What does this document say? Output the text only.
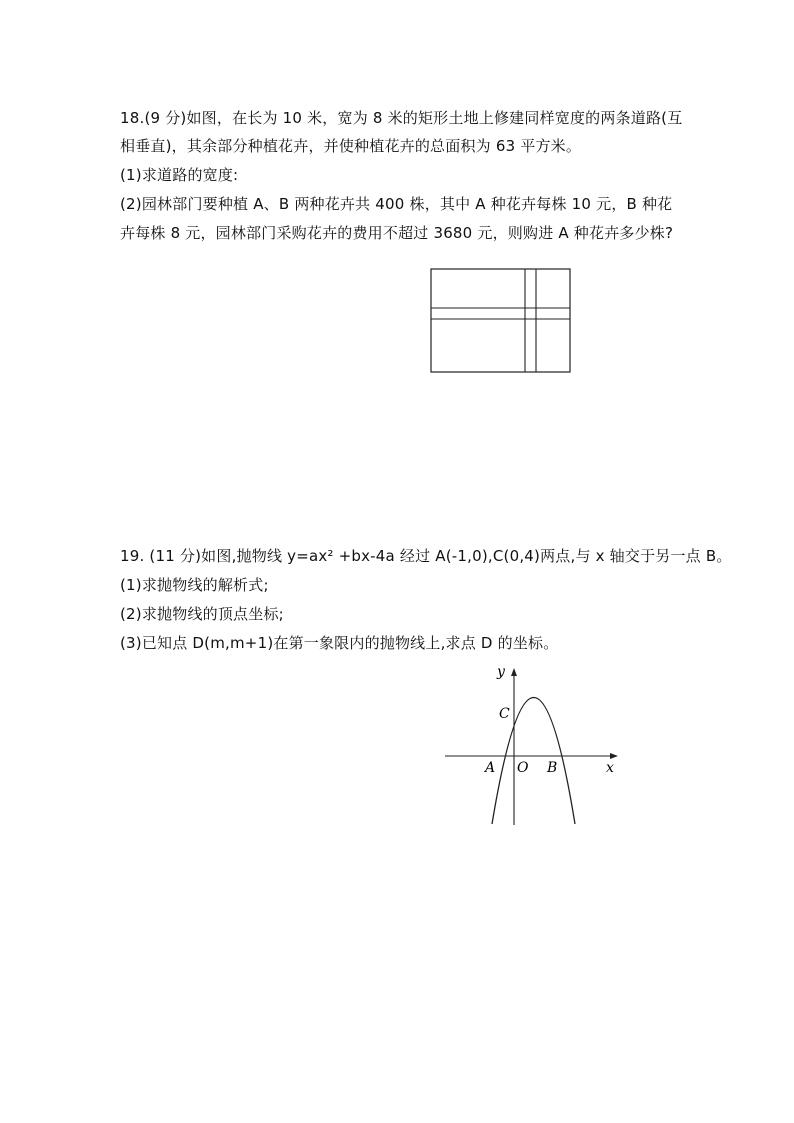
18.(9 分)如图，在长为 10 米，宽为 8 米的矩形土地上修建同样宽度的两条道路(互
相垂直)，其余部分种植花卉，并使种植花卉的总面积为 63 平方米。
(1)求道路的宽度:
(2)园林部门要种植 A、B 两种花卉共 400 株，其中 A 种花卉每株 10 元，B 种花
卉每株 8 元，园林部门采购花卉的费用不超过 3680 元，则购进 A 种花卉多少株?
19. (11 分)如图,抛物线 y=ax² +bx-4a 经过 A(-1,0),C(0,4)两点,与 x 轴交于另一点 B。
(1)求抛物线的解析式;
(2)求抛物线的顶点坐标;
(3)已知点 D(m,m+1)在第一象限内的抛物线上,求点 D 的坐标。
y
x
C
A O B
